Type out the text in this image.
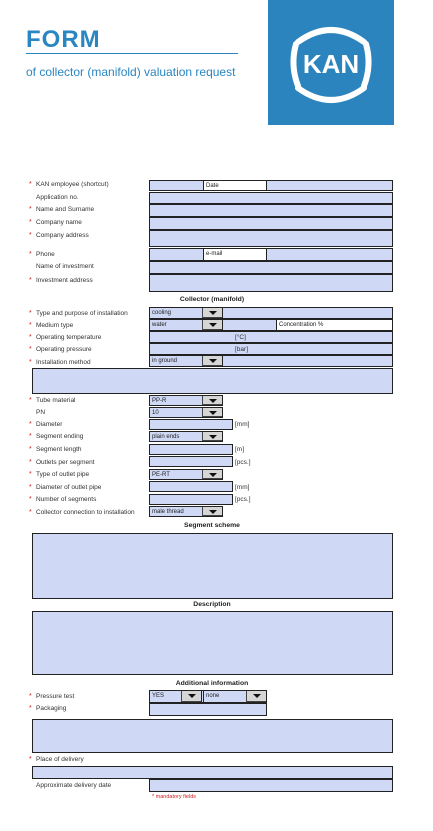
FORM
of collector (manifold) valuation request	KAN
* KAN employee (shortcut)	Date
Application no.
* Name and Surname
* Company name
* Company address
* Phone	e-mail
Name of investment
* Investment address
Collector (manifold)
* Type and purpose of installation	cooling
* Medium type	water	Concentration %
* Operating temperature	[°C]
* Operating pressure	[bar]
* Installation method	in ground
* Tube material	PP-R
PN	10
* Diameter	[mm]
* Segment ending	plain ends
* Segment length	[m]
* Outlets per segment	[pcs.]
* Type of outlet pipe	PE-RT
* Diameter of outlet pipe	[mm]
* Number of segments	[pcs.]
* Collector connection to installation	male thread
Segment scheme
Description
Additional information
* Pressure test	YES	none
* Packaging
* Place of delivery
Approximate delivery date
* mandatory fields
